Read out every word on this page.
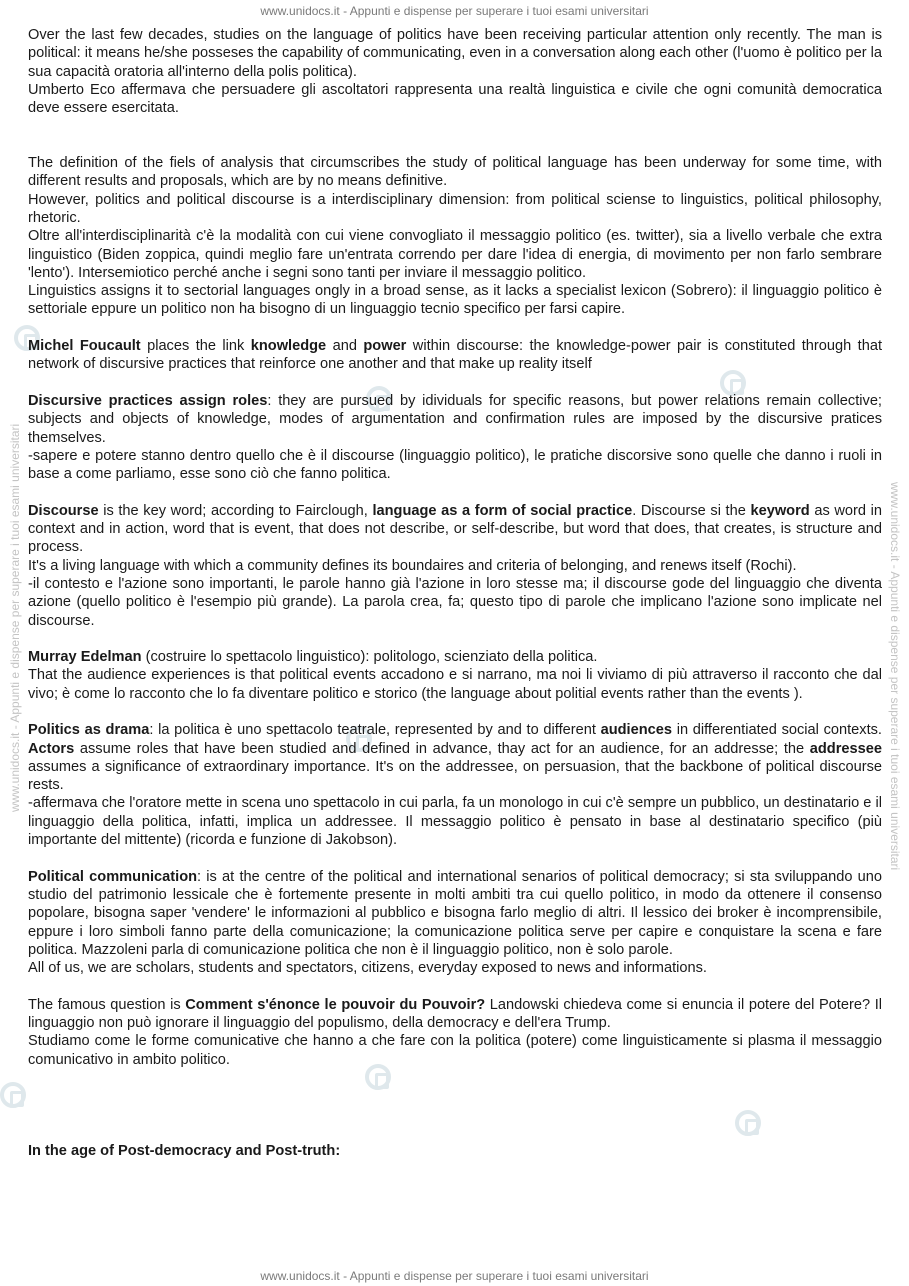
www.unidocs.it - Appunti e dispense per superare i tuoi esami universitari
www.unidocs.it - Appunti e dispense per superare i tuoi esami universitari	www.unidocs.it - Appunti e dispense per superare i tuoi esami universitari

Over the last few decades, studies on the language of politics have been receiving particular attention only recently. The man is political: it means he/she posseses the capability of communicating, even in a conversation along each other (l'uomo è politico per la sua capacità oratoria all'interno della polis politica).

Umberto Eco affermava che persuadere gli ascoltatori rappresenta una realtà linguistica e civile che ogni comunità democratica deve essere esercitata.

The definition of the fiels of analysis that circumscribes the study of political language has been underway for some time, with different results and proposals, which are by no means definitive.

However, politics and political discourse is a interdisciplinary dimension: from political sciense to linguistics, political philosophy, rhetoric.

Oltre all'interdisciplinarità c'è la modalità con cui viene convogliato il messaggio politico (es. twitter), sia a livello verbale che extra linguistico (Biden zoppica, quindi meglio fare un'entrata correndo per dare l'idea di energia, di movimento per non farlo sembrare 'lento'). Intersemiotico perché anche i segni sono tanti per inviare il messaggio politico.

Linguistics assigns it to sectorial languages ongly in a broad sense, as it lacks a specialist lexicon (Sobrero): il linguaggio politico è settoriale eppure un politico non ha bisogno di un linguaggio tecnio specifico per farsi capire.

Michel Foucault places the link knowledge and power within discourse: the knowledge-power pair is constituted through that network of discursive practices that reinforce one another and that make up reality itself

Discursive practices assign roles: they are pursued by idividuals for specific reasons, but power relations remain collective; subjects and objects of knowledge, modes of argumentation and confirmation rules are imposed by the discursive pratices themselves.

-sapere e potere stanno dentro quello che è il discourse (linguaggio politico), le pratiche discorsive sono quelle che danno i ruoli in base a come parliamo, esse sono ciò che fanno politica.

Discourse is the key word; according to Fairclough, language as a form of social practice. Discourse si the keyword as word in context and in action, word that is event, that does not describe, or self-describe, but word that does, that creates, is structure and process.

It's a living language with which a community defines its boundaires and criteria of belonging, and renews itself (Rochi).

-il contesto e l'azione sono importanti, le parole hanno già l'azione in loro stesse ma; il discourse gode del linguaggio che diventa azione (quello politico è l'esempio più grande). La parola crea, fa; questo tipo di parole che implicano l'azione sono implicate nel discourse.

Murray Edelman (costruire lo spettacolo linguistico): politologo, scienziato della politica.

That the audience experiences is that political events accadono e si narrano, ma noi li viviamo di più attraverso il racconto che dal vivo; è come lo racconto che lo fa diventare politico e storico (the language about politial events rather than the events ).

Politics as drama: la politica è uno spettacolo teatrale, represented by and to different audiences in differentiated social contexts. Actors assume roles that have been studied and defined in advance, thay act for an audience, for an addresse; the addressee assumes a significance of extraordinary importance. It's on the addressee, on persuasion, that the backbone of political discourse rests.

-affermava che l'oratore mette in scena uno spettacolo in cui parla, fa un monologo in cui c'è sempre un pubblico, un destinatario e il linguaggio della politica, infatti, implica un addressee. Il messaggio politico è pensato in base al destinatario specifico (più importante del mittente) (ricorda e funzione di Jakobson).

Political communication: is at the centre of the political and international senarios of political democracy; si sta sviluppando uno studio del patrimonio lessicale che è fortemente presente in molti ambiti tra cui quello politico, in modo da ottenere il consenso popolare, bisogna saper 'vendere' le informazioni al pubblico e bisogna farlo meglio di altri. Il lessico dei broker è incomprensibile, eppure i loro simboli fanno parte della comunicazione; la comunicazione politica serve per capire e conquistare la scena e fare politica. Mazzoleni parla di comunicazione politica che non è il linguaggio politico, non è solo parole.

All of us, we are scholars, students and spectators, citizens, everyday exposed to news and informations.

The famous question is Comment s'énonce le pouvoir du Pouvoir? Landowski chiedeva come si enuncia il potere del Potere? Il linguaggio non può ignorare il linguaggio del populismo, della democracy e dell'era Trump.

Studiamo come le forme comunicative che hanno a che fare con la politica (potere) come linguisticamente si plasma il messaggio comunicativo in ambito politico.

In the age of Post-democracy and Post-truth:

www.unidocs.it - Appunti e dispense per superare i tuoi esami universitari
